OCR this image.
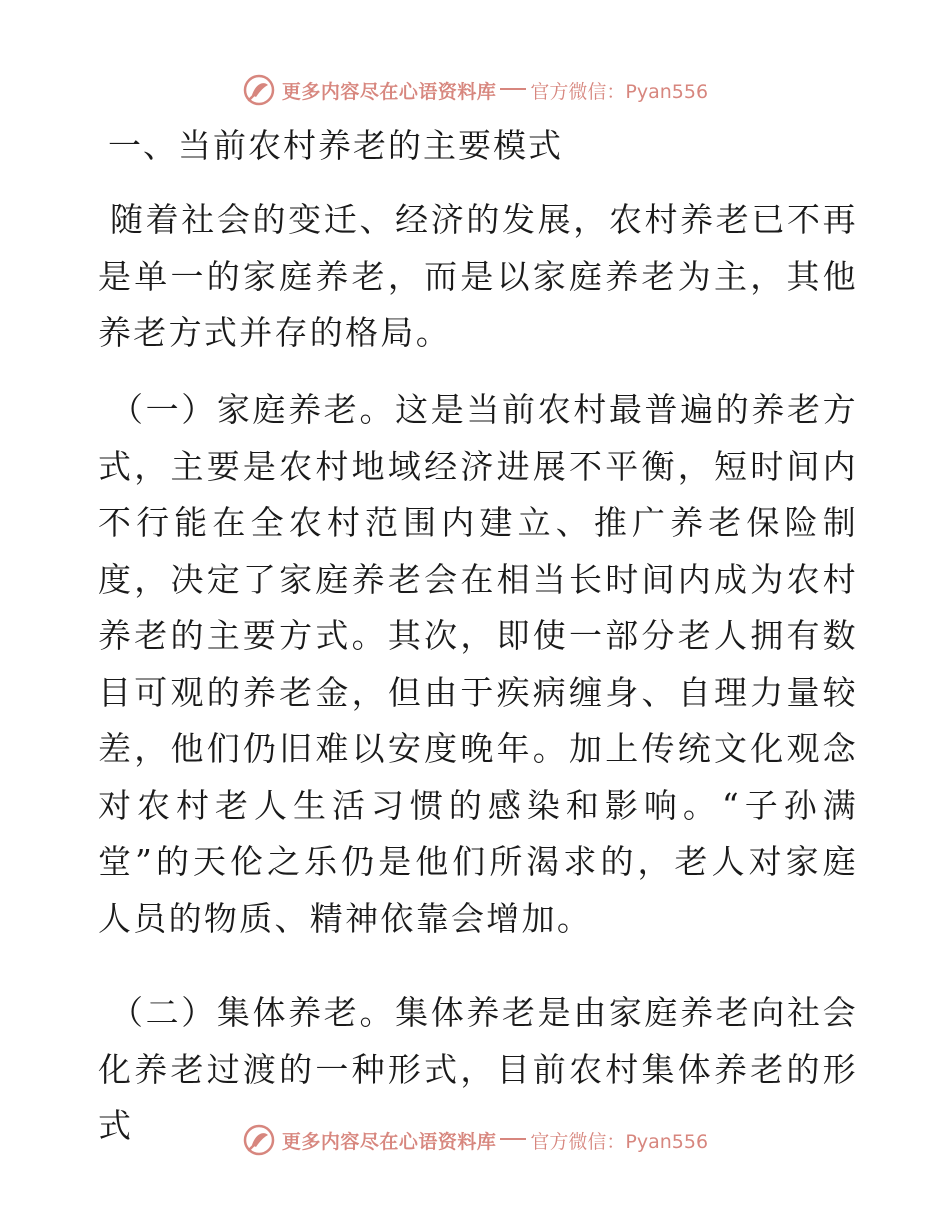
更多内容尽在心语资料库 官方微信：Pyan556
一、当前农村养老的主要模式

随着社会的变迁、经济的发展，农村养老已不再是单一的家庭养老，而是以家庭养老为主，其他养老方式并存的格局。

（一）家庭养老。这是当前农村最普遍的养老方式，主要是农村地域经济进展不平衡，短时间内不行能在全农村范围内建立、推广养老保险制度，决定了家庭养老会在相当长时间内成为农村养老的主要方式。其次，即使一部分老人拥有数目可观的养老金，但由于疾病缠身、自理力量较差，他们仍旧难以安度晚年。加上传统文化观念对农村老人生活习惯的感染和影响。“子孙满堂”的天伦之乐仍是他们所渴求的，老人对家庭人员的物质、精神依靠会增加。

（二）集体养老。集体养老是由家庭养老向社会化养老过渡的一种形式，目前农村集体养老的形式	更多内容尽在心语资料库 官方微信：Pyan556
